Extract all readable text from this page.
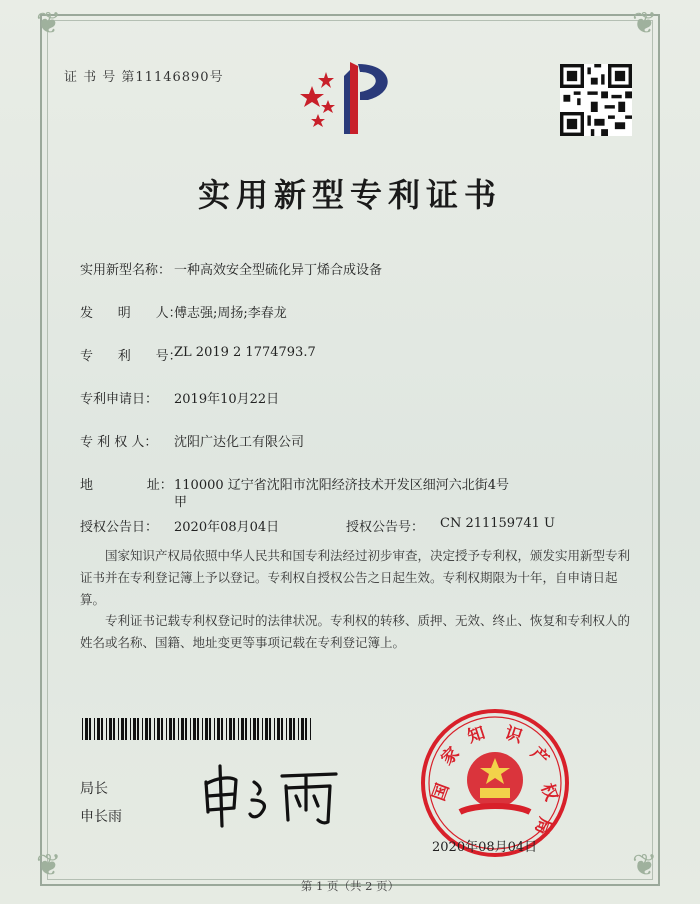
❦	❦
❦	❦
证 书 号 第11146890号
实用新型专利证书
实用新型名称： 一种高效安全型硫化异丁烯合成设备
发      明      人：
傅志强;周扬;李春龙
专      利      号：
ZL 2019 2 1774793.7
专利申请日： 2019年10月22日
专 利 权 人： 沈阳广达化工有限公司
地             址： 110000 辽宁省沈阳市沈阳经济技术开发区细河六北街4号
甲
授权公告日： 2020年08月04日	授权公告号： CN 211159741 U
国家知识产权局依照中华人民共和国专利法经过初步审查，决定授予专利权，颁发实用新型专利证书并在专利登记簿上予以登记。专利权自授权公告之日起生效。专利权期限为十年，自申请日起算。
专利证书记载专利权登记时的法律状况。专利权的转移、质押、无效、终止、恢复和专利权人的姓名或名称、国籍、地址变更等事项记载在专利登记簿上。
局长
申长雨
国
家
知 识
产
权
局
2020年08月04日
第 1 页（共 2 页）
